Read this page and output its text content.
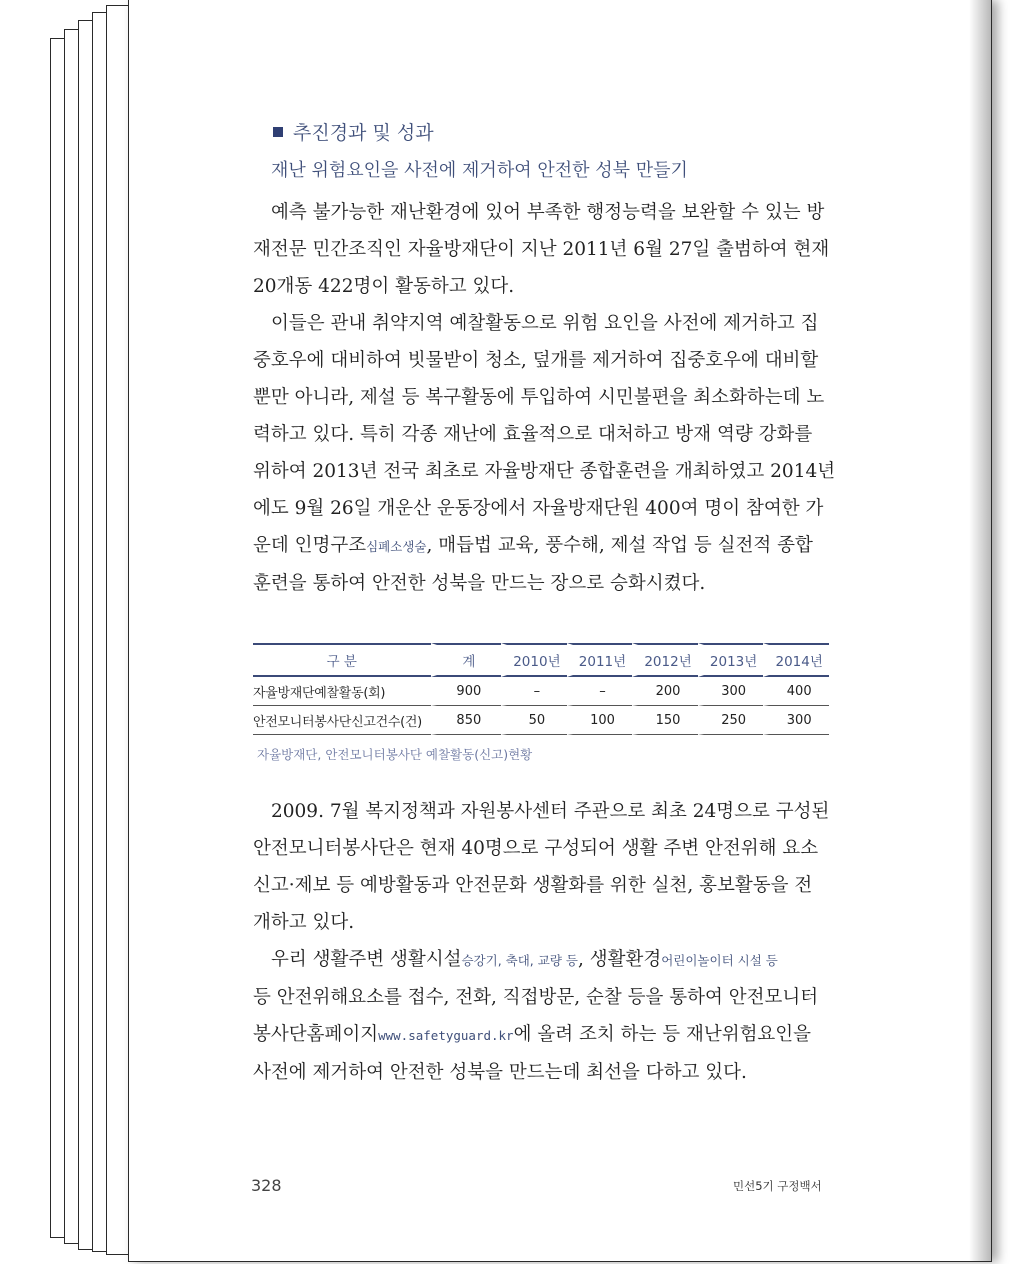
추진경과 및 성과
재난 위험요인을 사전에 제거하여 안전한 성북 만들기

예측 불가능한 재난환경에 있어 부족한 행정능력을 보완할 수 있는 방
재전문 민간조직인 자율방재단이 지난 2011년 6월 27일 출범하여 현재
20개동 422명이 활동하고 있다.

이들은 관내 취약지역 예찰활동으로 위험 요인을 사전에 제거하고 집
중호우에 대비하여 빗물받이 청소, 덮개를 제거하여 집중호우에 대비할
뿐만 아니라, 제설 등 복구활동에 투입하여 시민불편을 최소화하는데 노
력하고 있다. 특히 각종 재난에 효율적으로 대처하고 방재 역량 강화를
위하여 2013년 전국 최초로 자율방재단 종합훈련을 개최하였고 2014년
에도 9월 26일 개운산 운동장에서 자율방재단원 400여 명이 참여한 가
운데 인명구조심폐소생술, 매듭법 교육, 풍수해, 제설 작업 등 실전적 종합
훈련을 통하여 안전한 성북을 만드는 장으로 승화시켰다.

구 분	계	2010년	2011년	2012년	2013년	2014년
자율방재단예찰활동(회)	900	–	–	200	300	400
안전모니터봉사단신고건수(건)	850	50	100	150	250	300
자율방재단, 안전모니터봉사단 예찰활동(신고)현황

2009. 7월 복지정책과 자원봉사센터 주관으로 최초 24명으로 구성된
안전모니터봉사단은 현재 40명으로 구성되어 생활 주변 안전위해 요소
신고·제보 등 예방활동과 안전문화 생활화를 위한 실천, 홍보활동을 전
개하고 있다.

우리 생활주변 생활시설승강기, 축대, 교량 등, 생활환경어린이놀이터 시설 등
등 안전위해요소를 접수, 전화, 직접방문, 순찰 등을 통하여 안전모니터
봉사단홈페이지www.safetyguard.kr에 올려 조치 하는 등 재난위험요인을
사전에 제거하여 안전한 성북을 만드는데 최선을 다하고 있다.

328	민선5기 구정백서
